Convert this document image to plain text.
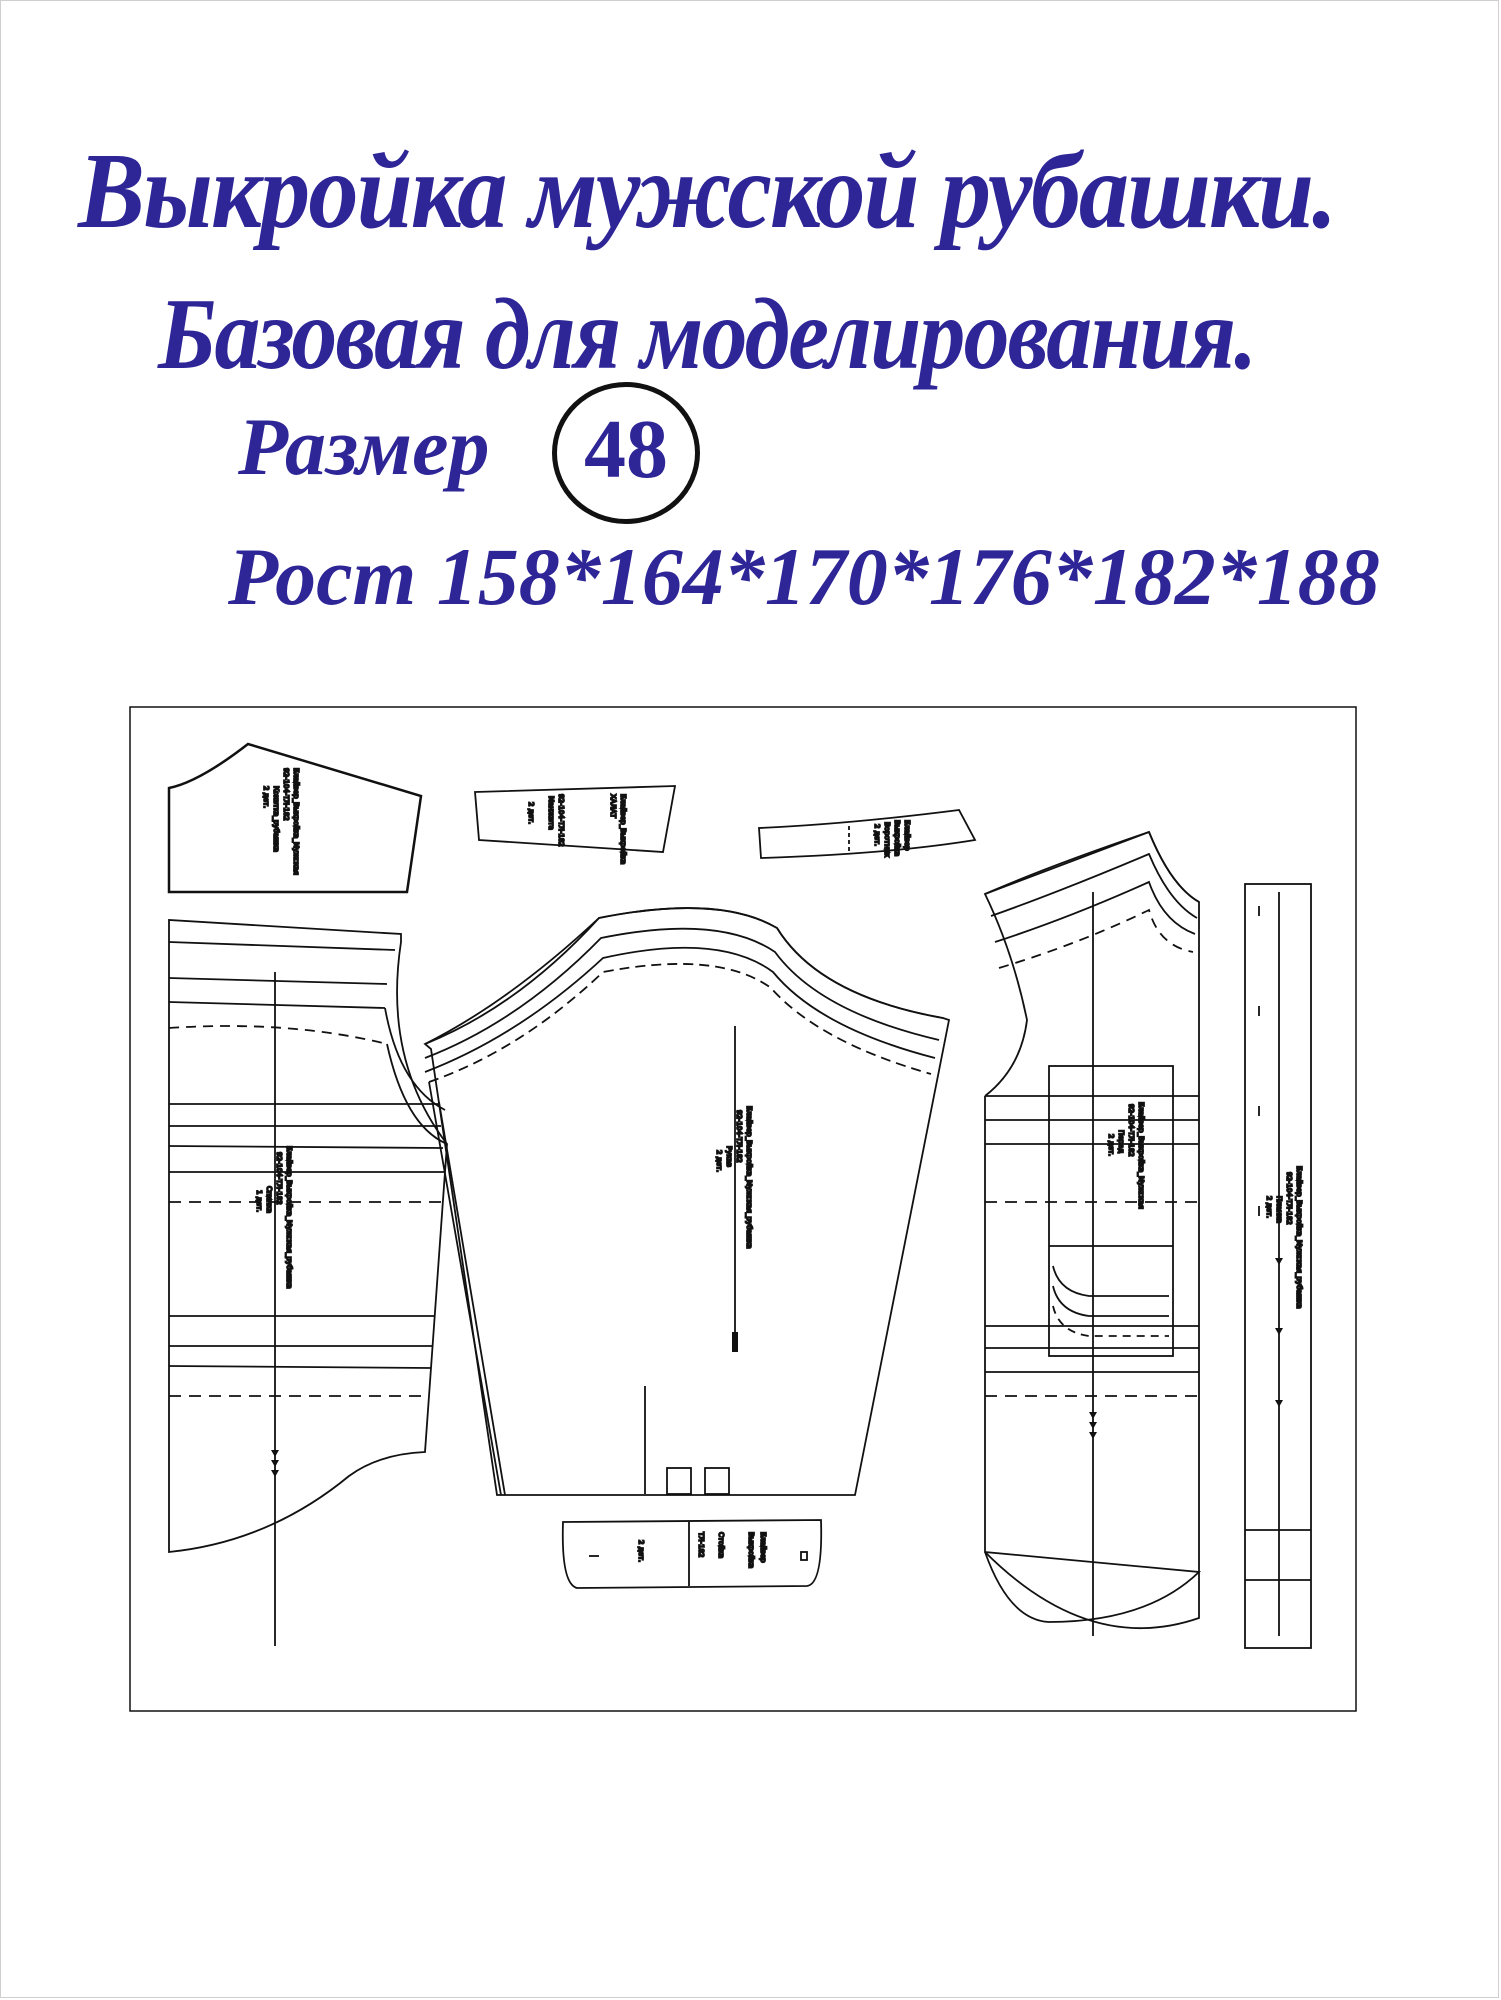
Выкройка мужской рубашки.
Базовая для моделирования.
Размер	48
Рост 158*164*170*176*182*188
Блайзер_Выкройка_Мужская
92-104-ТЛ-182
Кокетка_рубашка
2 дет.	Блайзер_Выкройка
ХАЛАТ
92-104-ТЛ-182
Манжета
2 дет.
Блайзер
Выкройка
Воротник
2 дет.
Блайзер_Выкройка_Мужская_рубашка
92-104-ТЛ-182
Спинка
1 дет.	Блайзер_Выкройка_Мужская_рубашка
92-104-ТЛ-182
Рукав
2 дет.
Блайзер
Выкройка
Стойка
ТЛ-182
2 дет.
Блайзер_Выкройка_Мужская
92-104-ТЛ-182
Перед
2 дет.
Блайзер_Выкройка_Мужская_рубашка
92-104-ТЛ-182
Планка
2 дет.
